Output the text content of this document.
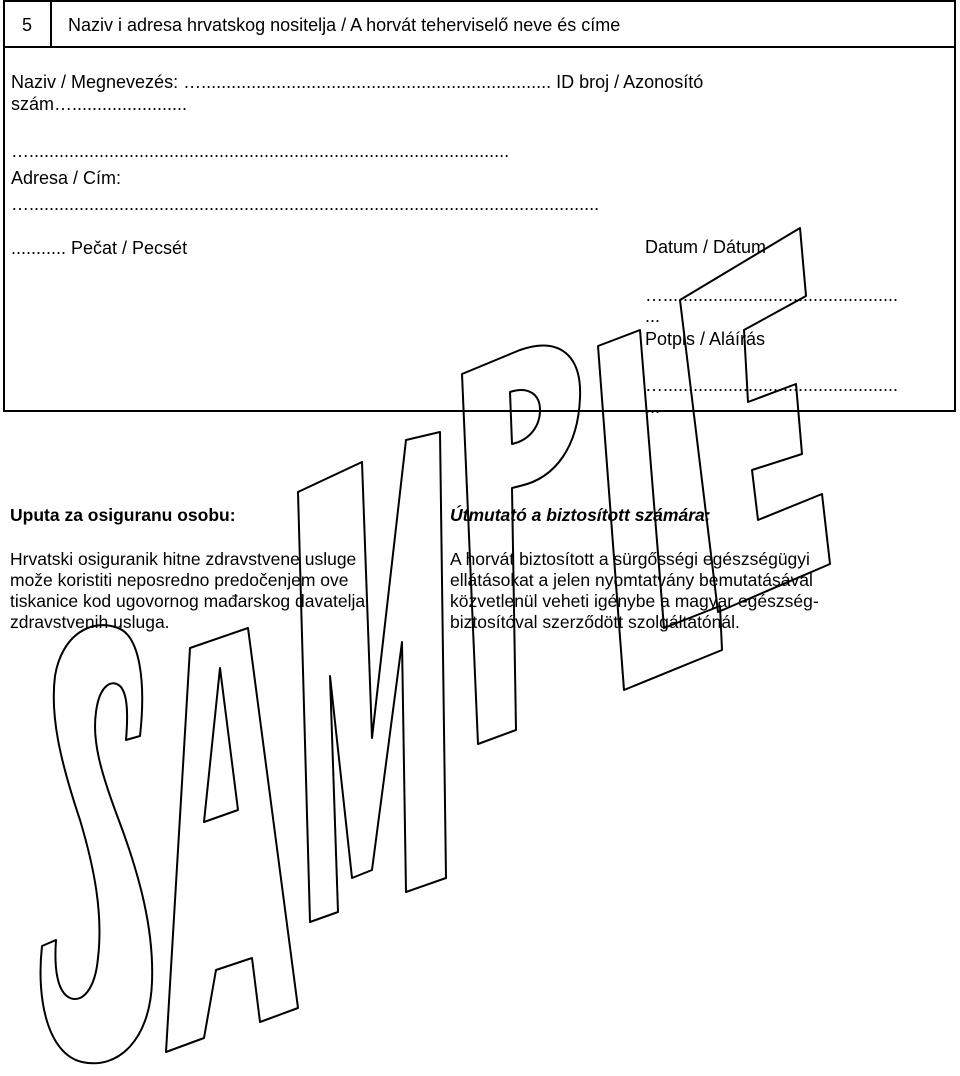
5 Naziv i adresa hrvatskog nositelja / A horvát teherviselő neve és címe
Naziv / Megnevezés: …...................................................................... ID broj / Azonosító
szám….......................
…................................................................................................
Adresa / Cím:
…..................................................................................................................
........... Pečat / Pecsét	Datum / Dátum
…...............................................
...
Potpis / Aláírás
…...............................................
...
Uputa za osiguranu osobu:
Hrvatski osiguranik hitne zdravstvene usluge
može koristiti neposredno predočenjem ove
tiskanice kod ugovornog mađarskog davatelja
zdravstvenih usluga.
Útmutató a biztosított számára:
A horvát biztosított a sürgősségi egészségügyi
ellátásokat a jelen nyomtatvány bemutatásával
közvetlenül veheti igénybe a magyar egészség-
biztosítóval szerződött szolgáltatónál.
